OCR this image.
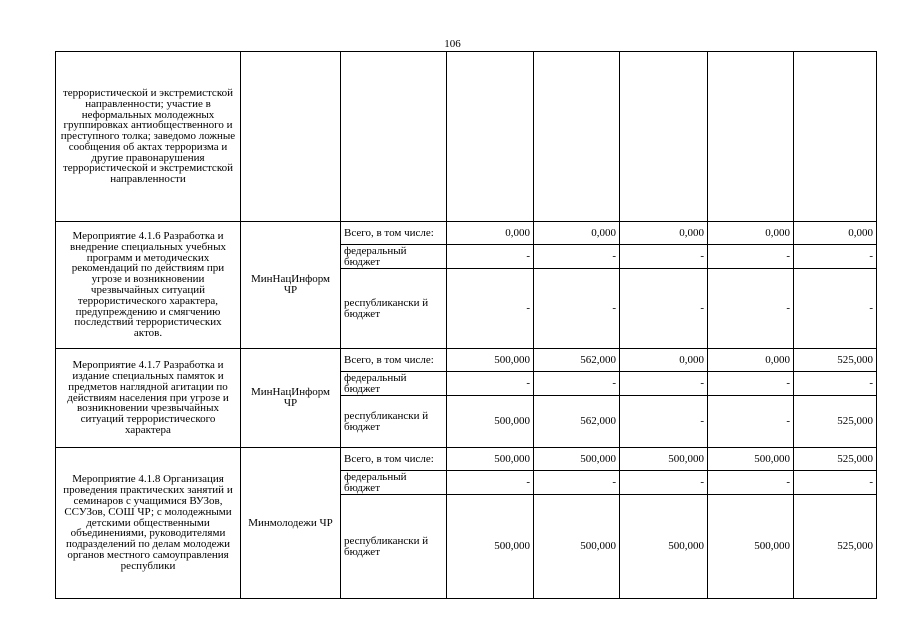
106
террористической и экстремистской направленности; участие в неформальных молодежных группировках антиобщественного и преступного толка; заведомо ложные сообщения об актах терроризма и другие правонарушения террористической и экстремистской направленности							
Мероприятие 4.1.6 Разработка и внедрение специальных учебных программ и методических рекомендаций по действиям при угрозе и возникновении чрезвычайных ситуаций террористического характера, предупреждению и смягчению последствий террористических актов.	МинНацИнформ ЧР	Всего, в том числе:	0,000	0,000	0,000	0,000	0,000
		федеральный бюджет	-	-	-	-	-
		республикански й бюджет	-	-	-	-	-
Мероприятие 4.1.7 Разработка и издание специальных памяток и предметов наглядной агитации по действиям населения при угрозе и возникновении чрезвычайных ситуаций террористического характера	МинНацИнформ ЧР	Всего, в том числе:	500,000	562,000	0,000	0,000	525,000
		федеральный бюджет	-	-	-	-	-
		республикански й бюджет	500,000	562,000	-	-	525,000
Мероприятие 4.1.8 Организация проведения практических занятий и семинаров с учащимися ВУЗов, ССУЗов, СОШ ЧР; с молодежными детскими общественными объединениями, руководителями подразделений по делам молодежи органов местного самоуправления республики	Минмолодежи ЧР	Всего, в том числе:	500,000	500,000	500,000	500,000	525,000
		федеральный бюджет	-	-	-	-	-
		республикански й бюджет	500,000	500,000	500,000	500,000	525,000
